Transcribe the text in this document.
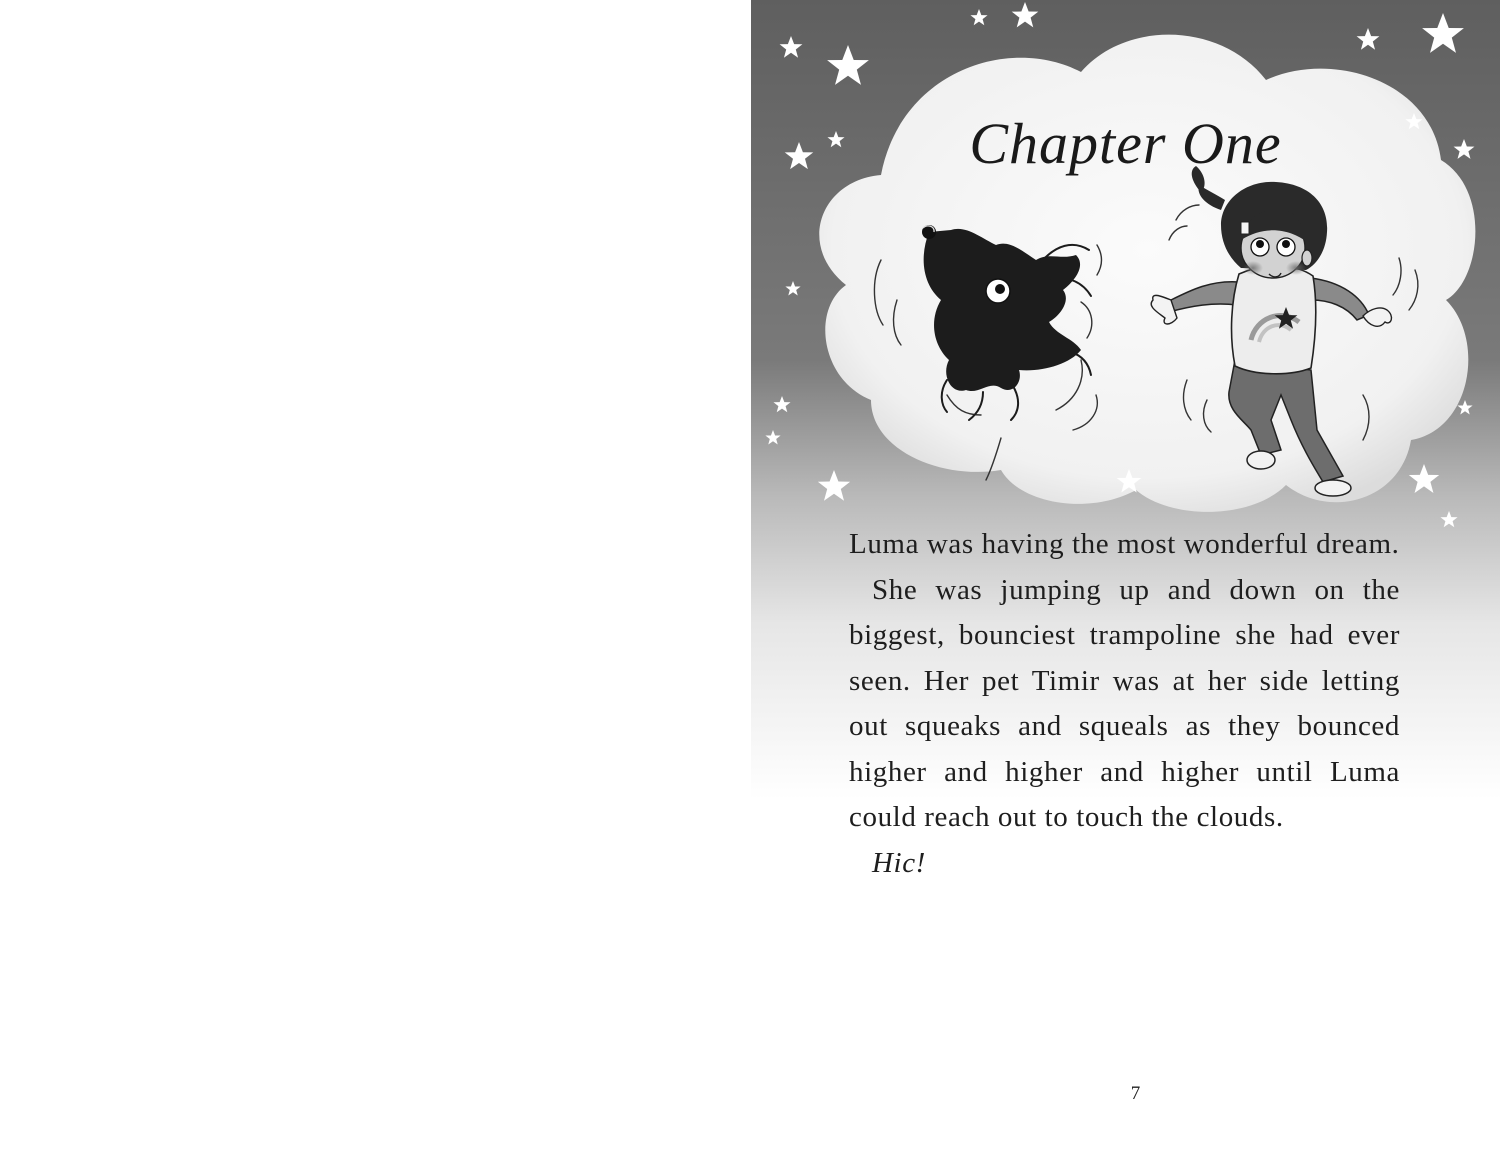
Chapter One

Luma was having the most wonderful dream.

She was jumping up and down on the biggest, bounciest trampoline she had ever seen. Her pet Timir was at her side letting out squeaks and squeals as they bounced higher and higher and higher until Luma could reach out to touch the clouds.

Hic!

7
